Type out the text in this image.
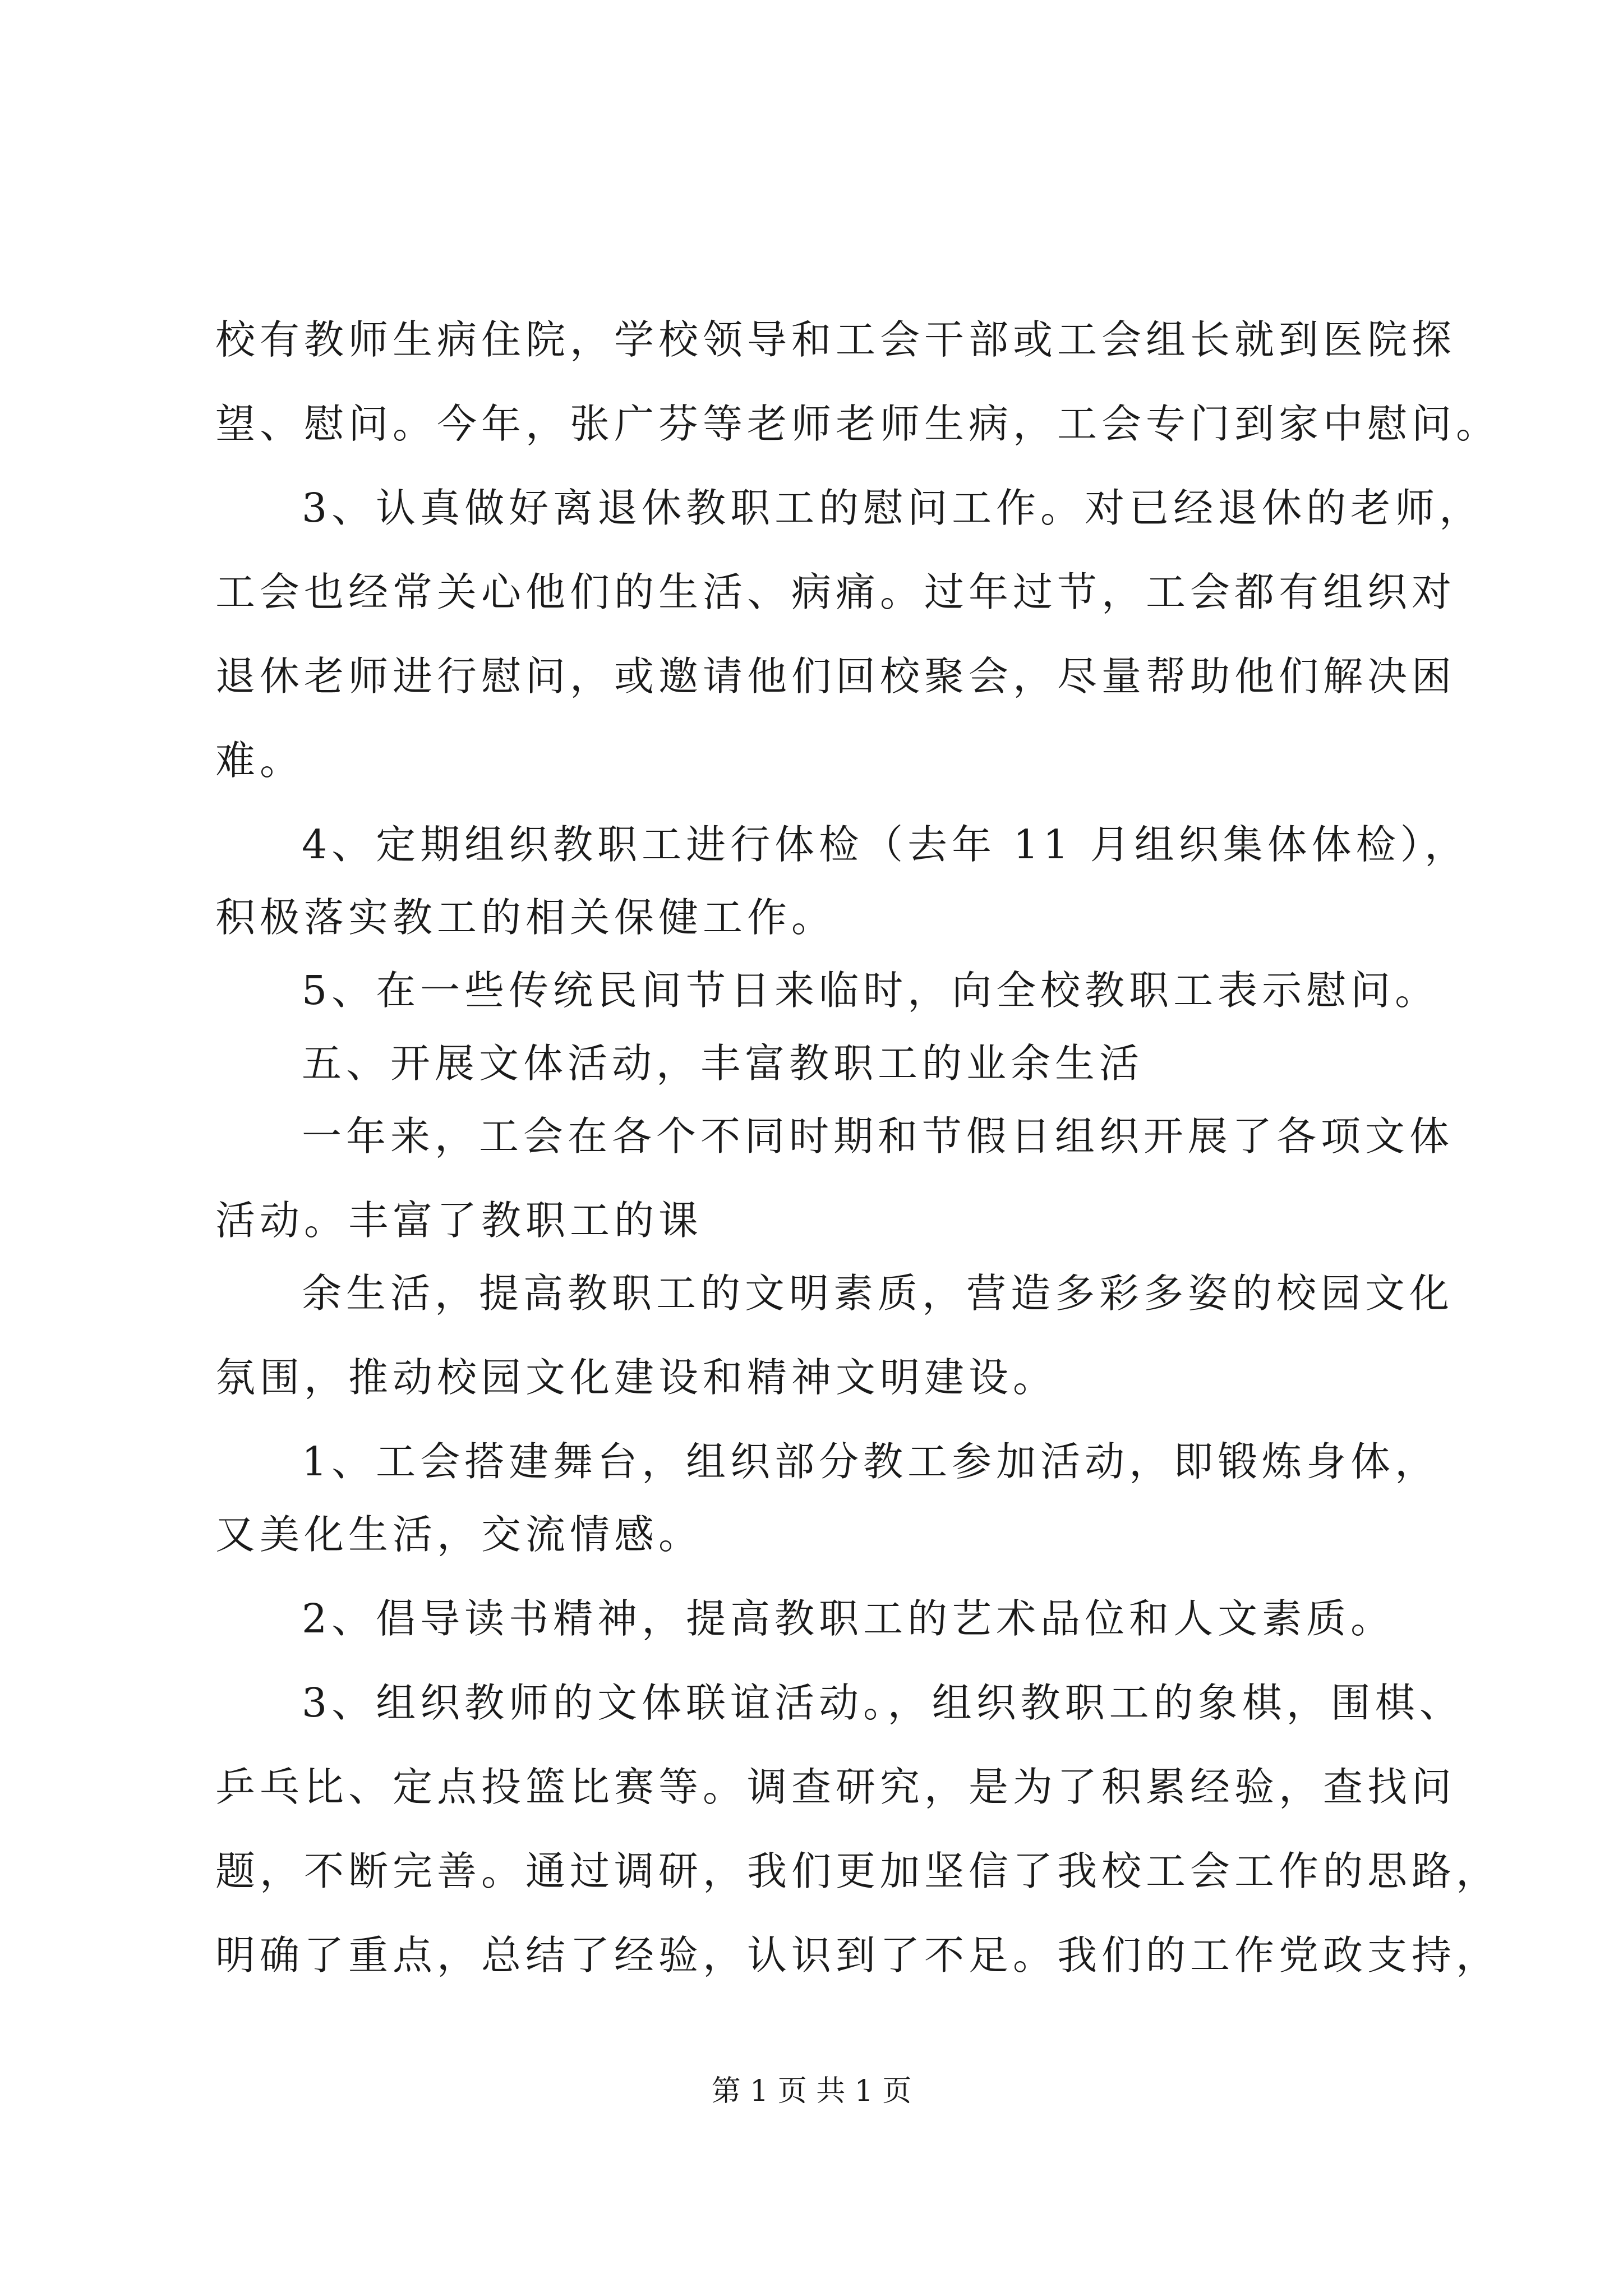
校有教师生病住院，学校领导和工会干部或工会组长就到医院探
望、慰问。今年，张广芬等老师老师生病，工会专门到家中慰问。
3、认真做好离退休教职工的慰问工作。对已经退休的老师，
工会也经常关心他们的生活、病痛。过年过节，工会都有组织对
退休老师进行慰问，或邀请他们回校聚会，尽量帮助他们解决困
难。
4、定期组织教职工进行体检（去年 11 月组织集体体检），
积极落实教工的相关保健工作。
5、在一些传统民间节日来临时，向全校教职工表示慰问。
五、开展文体活动，丰富教职工的业余生活
一年来，工会在各个不同时期和节假日组织开展了各项文体
活动。丰富了教职工的课
余生活，提高教职工的文明素质，营造多彩多姿的校园文化
氛围，推动校园文化建设和精神文明建设。
1、工会搭建舞台，组织部分教工参加活动，即锻炼身体，
又美化生活，交流情感。
2、倡导读书精神，提高教职工的艺术品位和人文素质。
3、组织教师的文体联谊活动。，组织教职工的象棋，围棋、
乒乓比、定点投篮比赛等。调查研究，是为了积累经验，查找问
题，不断完善。通过调研，我们更加坚信了我校工会工作的思路，
明确了重点，总结了经验，认识到了不足。我们的工作党政支持，
第 1 页 共 1 页
